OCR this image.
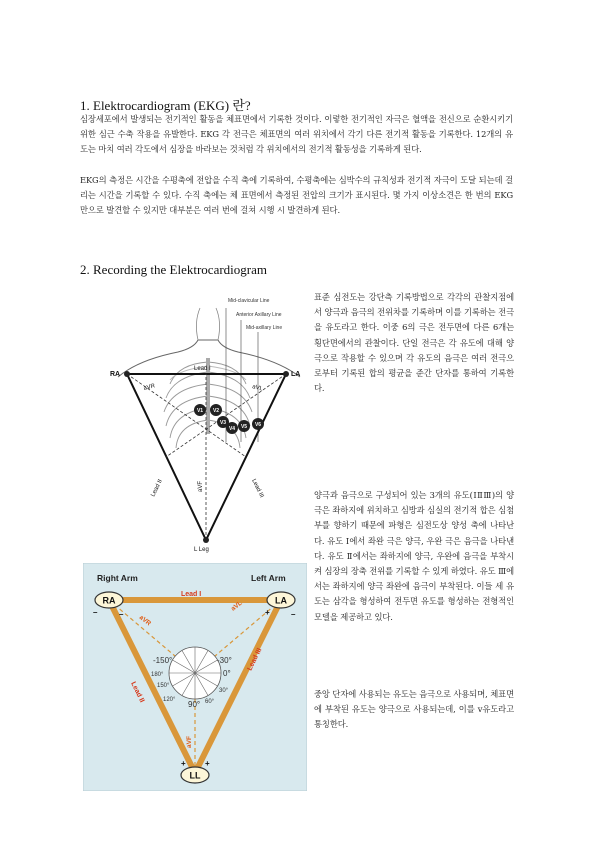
1. Elektrocardiogram (EKG) 란?

심장세포에서 발생되는 전기적인 활동을 체표면에서 기록한 것이다. 이렇한 전기적인 자극은 혈액을 전신으로 순환시키기 위한 심근 수축 작용을 유발한다. EKG 각 전극은 체표면의 여러 위치에서 각기 다른 전기적 활동을 기록한다. 12개의 유도는 마치 여러 각도에서 심장을 바라보는 것처럼 각 위치에서의 전기적 활동성을 기록하게 된다.

EKG의 측정은 시간을 수평축에 전압을 수직 축에 기록하여, 수평축에는 심박수의 규칙성과 전기적 자극이 도달 되는데 걸리는 시간을 기록할 수 있다. 수직 축에는 체 표면에서 측정된 전압의 크기가 표시된다. 몇 가지 이상소견은 한 번의 EKG만으로 발견할 수 있지만 대부분은 여러 번에 걸쳐 시행 시 발견하게 된다.

2. Recording the Elektrocardiogram

표준 심전도는 강단측 기록방법으로 각각의 관찰지점에서 양극과 음극의 전위차를 기록하며 이를 기록하는 전극을 유도라고 한다. 이중 6의 극은 전두면에 다른 6개는 횡단면에서의 관찰이다. 단일 전극은 각 유도에 대해 양극으로 작용할 수 있으며 각 유도의 음극은 여러 전극으로부터 기록된 합의 평균을 준간 단자를 통하여 기록한다.

양극과 음극으로 구성되어 있는 3개의 유도(ⅠⅡⅢ)의 양극은 좌하지에 위치하고 심방과 심실의 전기적 합은 심첨부를 향하기 때문에 파형은 심전도상 양성 축에 나타난다. 유도 Ⅰ에서 좌완 극은 양극, 우완 극은 음극을 나타낸다. 유도 Ⅱ에서는 좌하지에 양극, 우완에 음극을 부착시켜 심장의 장축 전위를 기록할 수 있게 하였다. 유도 Ⅲ에서는 좌하지에 양극 좌완에 음극이 부착된다. 이들 세 유도는 삼각을 형성하여 전두면 유도를 형성하는 전형적인 모델을 제공하고 있다.

중앙 단자에 사용되는 유도는 음극으로 사용되며, 체표면에 부착된 유도는 양극으로 사용되는데, 이를 v유도라고 통칭한다.

Mid-clavicular Line
Anterior Axillary Line
Mid-axillary Line
RA	LA
Lead I
aVR	aVL
aVF
Lead II	Lead III
L Leg
V1 V2
V3
V4 V5 V6
Right Arm	Left Arm
-150°	-30°
0°
30°
90°
120°
150°
180°
60°
Lead I
Lead II
Lead III
aVR
aVL
aVF
RA	LA
LL
–	–	+	–
+ +
